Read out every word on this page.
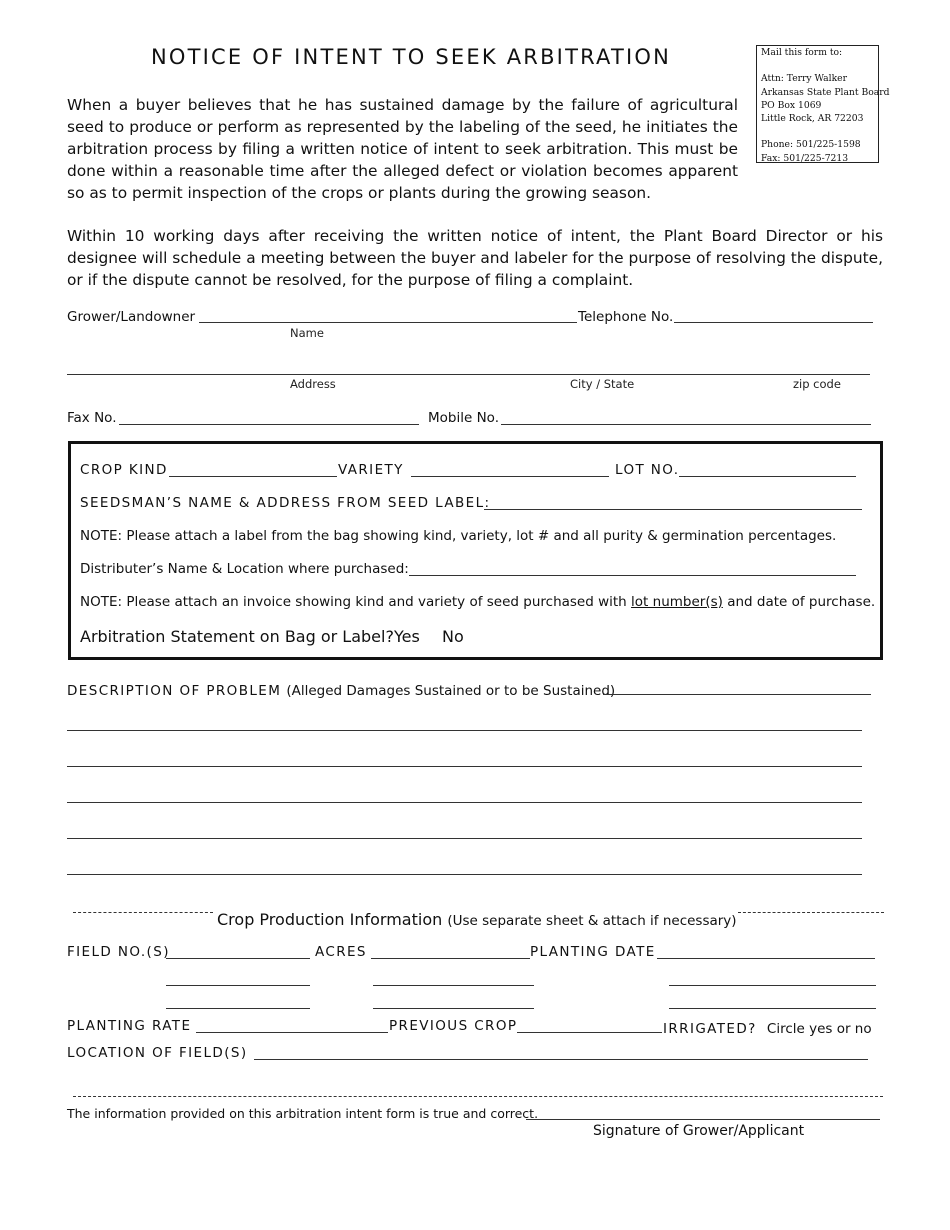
NOTICE OF INTENT TO SEEK ARBITRATION	Mail this form to:
Attn: Terry Walker
Arkansas State Plant Board
PO Box 1069
Little Rock, AR 72203
Phone: 501/225-1598
Fax: 501/225-7213
When a buyer believes that he has sustained damage by the failure of agricultural seed to produce or perform as represented by the labeling of the seed, he initiates the arbitration process by filing a written notice of intent to seek arbitration. This must be done within a reasonable time after the alleged defect or violation becomes apparent so as to permit inspection of the crops or plants during the growing season.
Within 10 working days after receiving the written notice of intent, the Plant Board Director or his designee will schedule a meeting between the buyer and labeler for the purpose of resolving the dispute, or if the dispute cannot be resolved, for the purpose of filing a complaint.
Grower/Landowner	Telephone No.
Name
Address	City / State	zip code
Fax No.	Mobile No.
CROP KIND	VARIETY	LOT NO.
SEEDSMAN’S NAME & ADDRESS FROM SEED LABEL:
NOTE: Please attach a label from the bag showing kind, variety, lot # and all purity & germination percentages.
Distributer’s Name & Location where purchased:
NOTE: Please attach an invoice showing kind and variety of seed purchased with lot number(s) and date of purchase.
Arbitration Statement on Bag or Label? Yes No
DESCRIPTION OF PROBLEM (Alleged Damages Sustained or to be Sustained)
Crop Production Information (Use separate sheet & attach if necessary)
FIELD NO.(S)	ACRES	PLANTING DATE
PLANTING RATE	PREVIOUS CROP	IRRIGATED? Circle yes or no
LOCATION OF FIELD(S)
The information provided on this arbitration intent form is true and correct.
Signature of Grower/Applicant
